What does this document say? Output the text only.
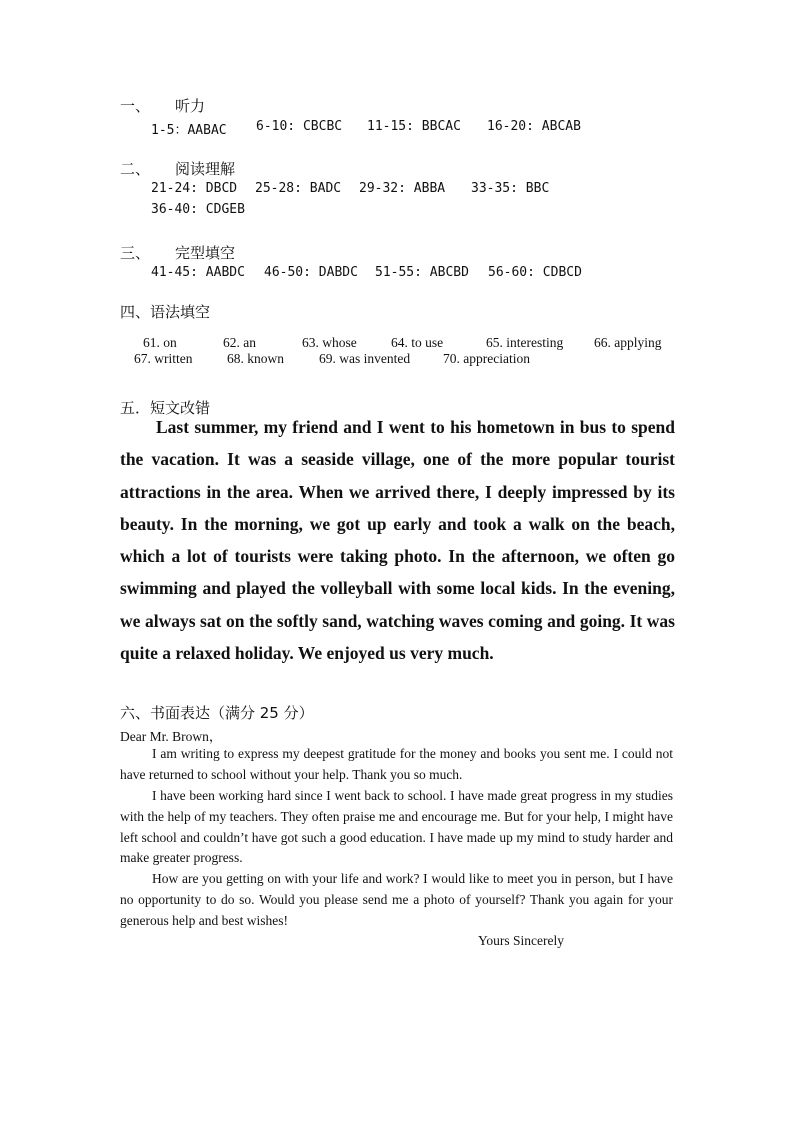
一、 听力
1-5：AABAC 6-10: CBCBC 11-15: BBCAC 16-20: ABCAB
二、 阅读理解
21-24: DBCD 25-28: BADC 29-32: ABBA 33-35: BBC
36-40: CDGEB
三、 完型填空
41-45: AABDC 46-50: DABDC 51-55: ABCBD 56-60: CDBCD
四、语法填空
61. on	62. an	63. whose	64. to use	65. interesting 66. applying
67. written	68. known	69. was invented 70. appreciation
五．短文改错
Last summer, my friend and I went to his hometown in bus to spend the vacation. It was a seaside village, one of the more popular tourist attractions in the area. When we arrived there, I deeply impressed by its beauty. In the morning, we got up early and took a walk on the beach, which a lot of tourists were taking photo. In the afternoon, we often go swimming and played the volleyball with some local kids. In the evening, we always sat on the softly sand, watching waves coming and going. It was quite a relaxed holiday. We enjoyed us very much.
六、书面表达（满分 25 分）
Dear Mr. Brown，
I am writing to express my deepest gratitude for the money and books you sent me. I could not have returned to school without your help. Thank you so much.
I have been working hard since I went back to school. I have made great progress in my studies with the help of my teachers. They often praise me and encourage me. But for your help, I might have left school and couldn’t have got such a good education. I have made up my mind to study harder and make greater progress.
How are you getting on with your life and work? I would like to meet you in person, but I have no opportunity to do so. Would you please send me a photo of yourself? Thank you again for your generous help and best wishes!
Yours Sincerely
